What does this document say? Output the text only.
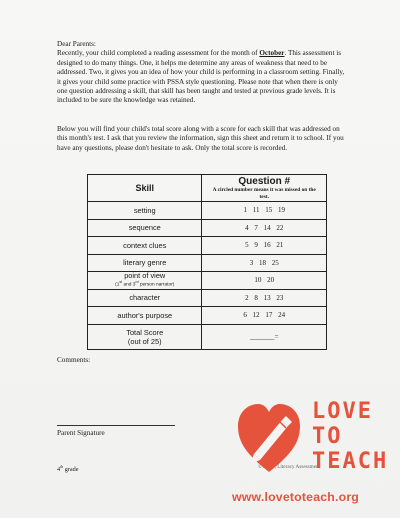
Dear Parents:

Recently, your child completed a reading assessment for the month of October. This assessment is designed to do many things. One, it helps me determine any areas of weakness that need to be addressed. Two, it gives you an idea of how your child is performing in a classroom setting. Finally, it gives your child some practice with PSSA style questioning. Please note that when there is only one question addressing a skill, that skill has been taught and tested at previous grade levels. It is included to be sure the knowledge was retained.

Below you will find your child's total score along with a score for each skill that was addressed on this month's test. I ask that you review the information, sign this sheet and return it to school. If you have any questions, please don't hesitate to ask. Only the total score is recorded.

Skill	Question #
A circled number means it was missed on the test.

setting	1 11 15 19
sequence	4 7 14 22
context clues	5 9 16 21
literary genre	3 18 25
point of view
(1st and 3rd person narrator)	10 20
character	2 8 13 23
author's purpose	6 12 17 24
Total Score
(out of 25)	_______=
Comments:
Parent Signature
4th grade	© 2013 | Literacy Assessment
LOVE
TO
TEACH
www.lovetoteach.org
